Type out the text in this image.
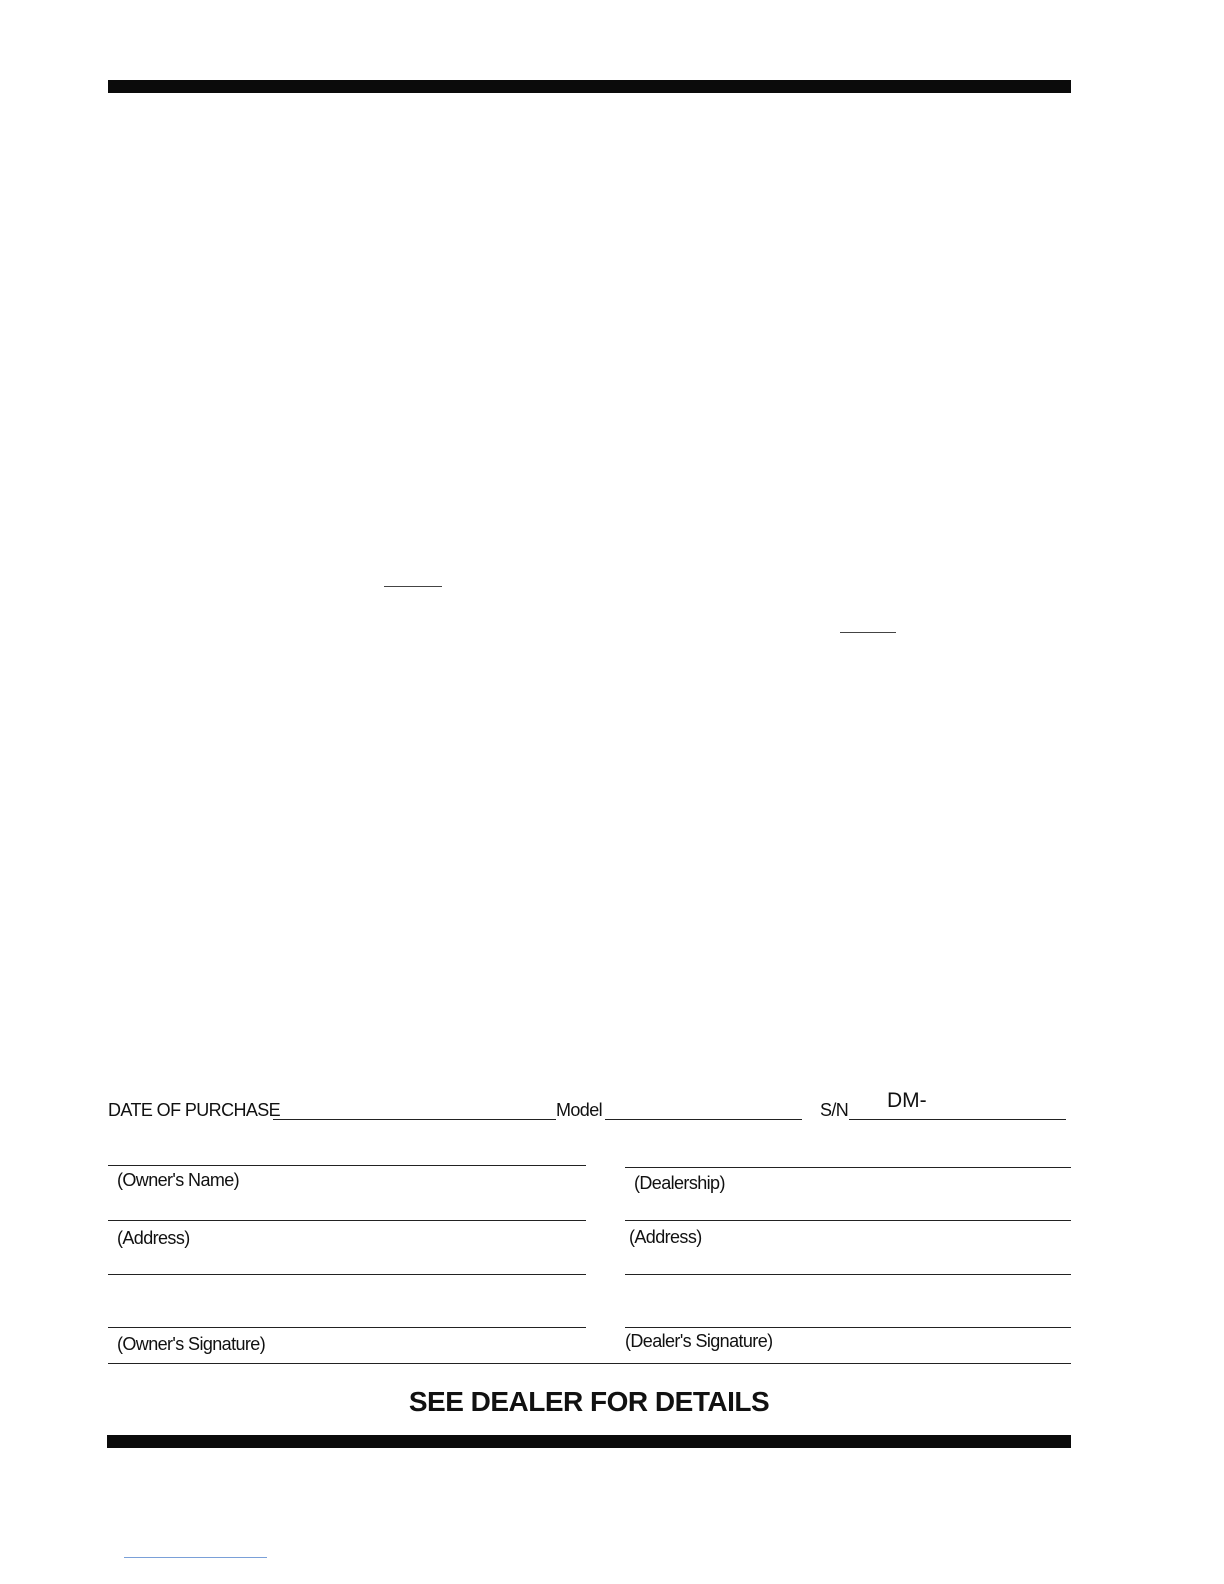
DATE OF PURCHASE	Model	S/N DM-
(Owner's Name)
(Address)
(Owner's Signature)
(Dealership)
(Address)
(Dealer's Signature)
SEE DEALER FOR DETAILS
